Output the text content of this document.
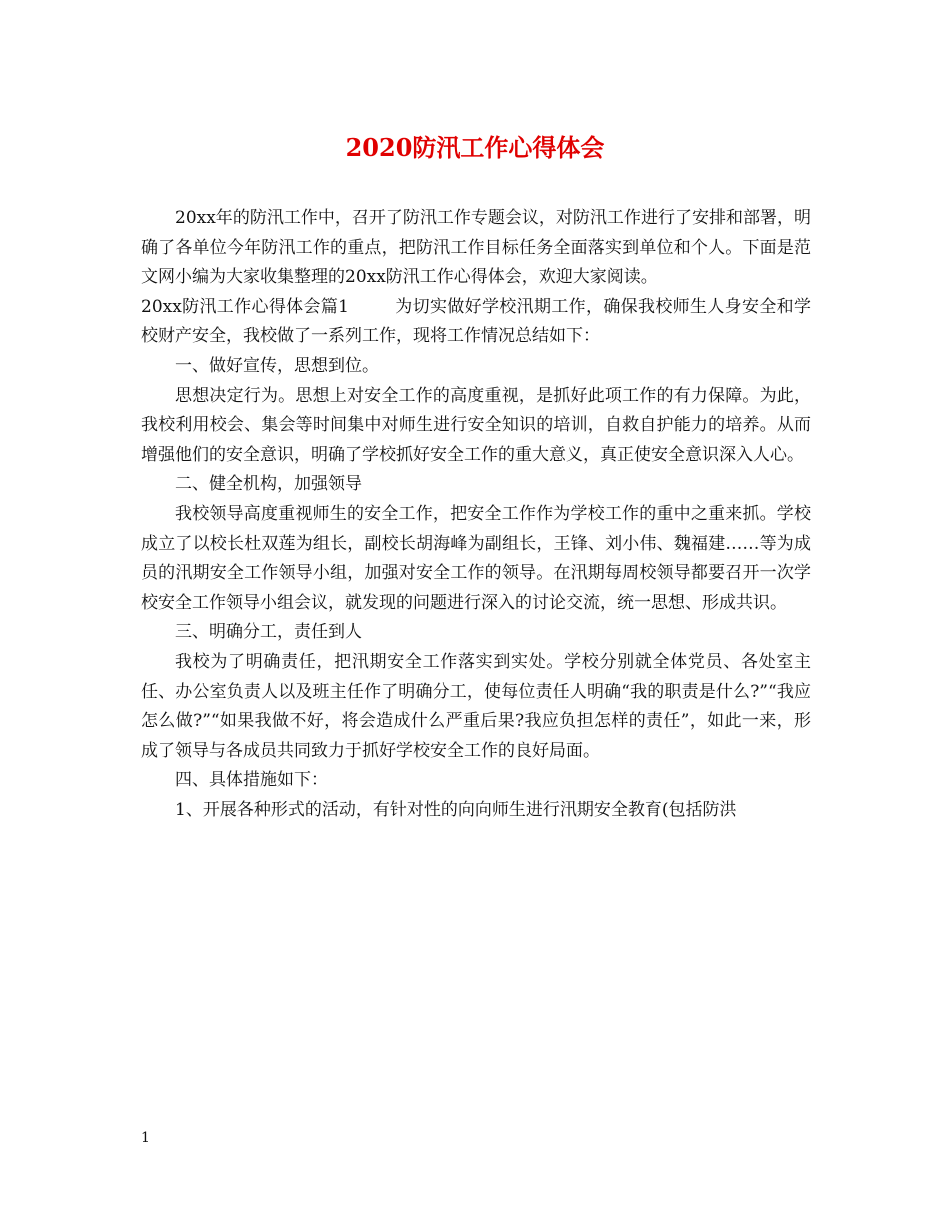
2020防汛工作心得体会

20xx年的防汛工作中，召开了防汛工作专题会议，对防汛工作进行了安排和部署，明确了各单位今年防汛工作的重点，把防汛工作目标任务全面落实到单位和个人。下面是范文网小编为大家收集整理的20xx防汛工作心得体会，欢迎大家阅读。

20xx防汛工作心得体会篇1	为切实做好学校汛期工作，确保我校师生人身安全和学校财产安全，我校做了一系列工作，现将工作情况总结如下：

一、做好宣传，思想到位。

思想决定行为。思想上对安全工作的高度重视，是抓好此项工作的有力保障。为此，我校利用校会、集会等时间集中对师生进行安全知识的培训，自救自护能力的培养。从而增强他们的安全意识，明确了学校抓好安全工作的重大意义，真正使安全意识深入人心。

二、健全机构，加强领导

我校领导高度重视师生的安全工作，把安全工作作为学校工作的重中之重来抓。学校成立了以校长杜双莲为组长，副校长胡海峰为副组长，王锋、刘小伟、魏福建……等为成员的汛期安全工作领导小组，加强对安全工作的领导。在汛期每周校领导都要召开一次学校安全工作领导小组会议，就发现的问题进行深入的讨论交流，统一思想、形成共识。

三、明确分工，责任到人

我校为了明确责任，把汛期安全工作落实到实处。学校分别就全体党员、各处室主任、办公室负责人以及班主任作了明确分工，使每位责任人明确“我的职责是什么?”“我应怎么做?”“如果我做不好，将会造成什么严重后果?我应负担怎样的责任”，如此一来，形成了领导与各成员共同致力于抓好学校安全工作的良好局面。

四、具体措施如下：

1、开展各种形式的活动，有针对性的向向师生进行汛期安全教育(包括防洪

1
